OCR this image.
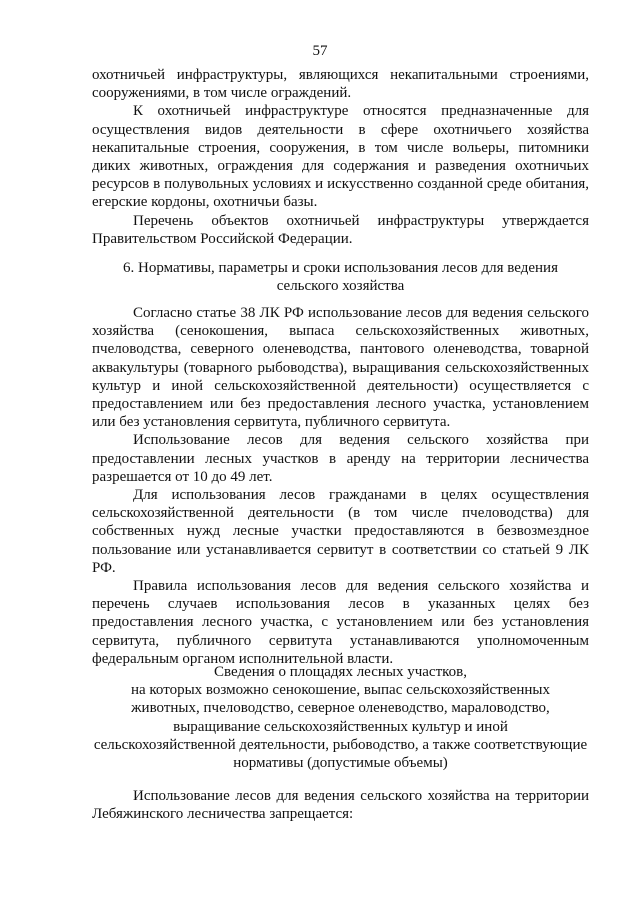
57

охотничьей инфраструктуры, являющихся некапитальными строениями, сооружениями, в том числе ограждений.

К охотничьей инфраструктуре относятся предназначенные для осуществления видов деятельности в сфере охотничьего хозяйства некапитальные строения, сооружения, в том числе вольеры, питомники диких животных, ограждения для содержания и разведения охотничьих ресурсов в полувольных условиях и искусственно созданной среде обитания, егерские кордоны, охотничьи базы.

Перечень объектов охотничьей инфраструктуры утверждается Правительством Российской Федерации.

6. Нормативы, параметры и сроки использования лесов для ведения

сельского хозяйства

Согласно статье 38 ЛК РФ использование лесов для ведения сельского хозяйства (сенокошения, выпаса сельскохозяйственных животных, пчеловодства, северного оленеводства, пантового оленеводства, товарной аквакультуры (товарного рыбоводства), выращивания сельскохозяйственных культур и иной сельскохозяйственной деятельности) осуществляется с предоставлением или без предоставления лесного участка, установлением или без установления сервитута, публичного сервитута.

Использование лесов для ведения сельского хозяйства при предоставлении лесных участков в аренду на территории лесничества разрешается от 10 до 49 лет.

Для использования лесов гражданами в целях осуществления сельскохозяйственной деятельности (в том числе пчеловодства) для собственных нужд лесные участки предоставляются в безвозмездное пользование или устанавливается сервитут в соответствии со статьей 9 ЛК РФ.

Правила использования лесов для ведения сельского хозяйства и перечень случаев использования лесов в указанных целях без предоставления лесного участка, с установлением или без установления сервитута, публичного сервитута устанавливаются уполномоченным федеральным органом исполнительной власти.

Сведения о площадях лесных участков,

на которых возможно сенокошение, выпас сельскохозяйственных

животных, пчеловодство, северное оленеводство, мараловодство,

выращивание сельскохозяйственных культур и иной

сельскохозяйственной деятельности, рыбоводство, а также соответствующие

нормативы (допустимые объемы)

Использование лесов для ведения сельского хозяйства на территории Лебяжинского лесничества запрещается:
